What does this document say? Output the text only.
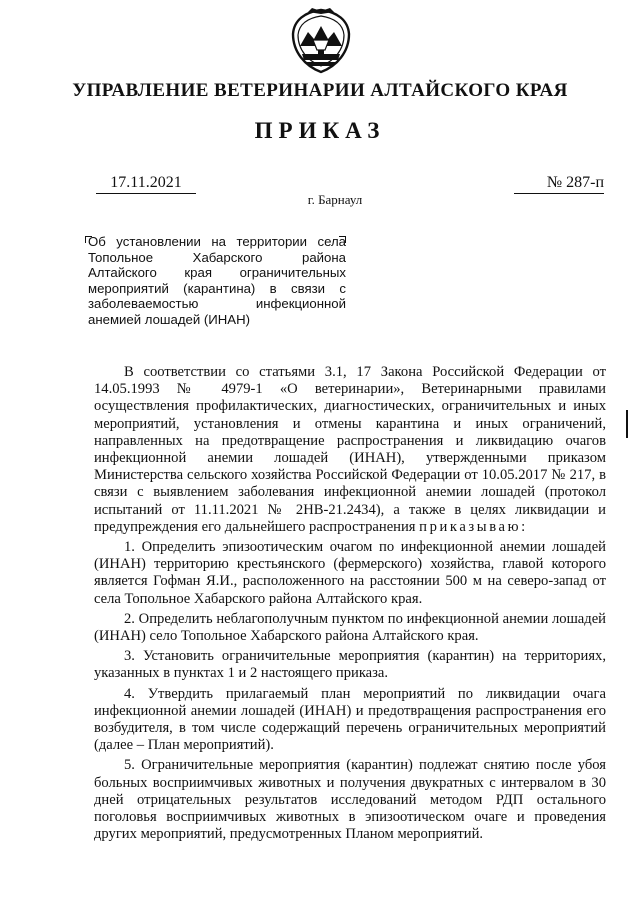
УПРАВЛЕНИЕ ВЕТЕРИНАРИИ АЛТАЙСКОГО КРАЯ
ПРИКАЗ
17.11.2021	№ 287-п
г. Барнаул
Об установлении на территории села Топольное Хабарского района Алтайского края ограничительных мероприятий (карантина) в связи с заболеваемостью инфекционной анемией лошадей (ИНАН)

В соответствии со статьями 3.1, 17 Закона Российской Федерации от 14.05.1993 № 4979-1 «О ветеринарии», Ветеринарными правилами осуществления профилактических, диагностических, ограничительных и иных мероприятий, установления и отмены карантина и иных ограничений, направленных на предотвращение распространения и ликвидацию очагов инфекционной анемии лошадей (ИНАН), утвержденными приказом Министерства сельского хозяйства Российской Федерации от 10.05.2017 № 217, в связи с выявлением заболевания инфекционной анемии лошадей (протокол испытаний от 11.11.2021 № 2НВ-21.2434), а также в целях ликвидации и предупреждения его дальнейшего распространения приказываю:

1. Определить эпизоотическим очагом по инфекционной анемии лошадей (ИНАН) территорию крестьянского (фермерского) хозяйства, главой которого является Гофман Я.И., расположенного на расстоянии 500 м на северо-запад от села Топольное Хабарского района Алтайского края.

2. Определить неблагополучным пунктом по инфекционной анемии лошадей (ИНАН) село Топольное Хабарского района Алтайского края.

3. Установить ограничительные мероприятия (карантин) на территориях, указанных в пунктах 1 и 2 настоящего приказа.

4. Утвердить прилагаемый план мероприятий по ликвидации очага инфекционной анемии лошадей (ИНАН) и предотвращения распространения его возбудителя, в том числе содержащий перечень ограничительных мероприятий (далее – План мероприятий).

5. Ограничительные мероприятия (карантин) подлежат снятию после убоя больных восприимчивых животных и получения двукратных с интервалом в 30 дней отрицательных результатов исследований методом РДП остального поголовья восприимчивых животных в эпизоотическом очаге и проведения других мероприятий, предусмотренных Планом мероприятий.
